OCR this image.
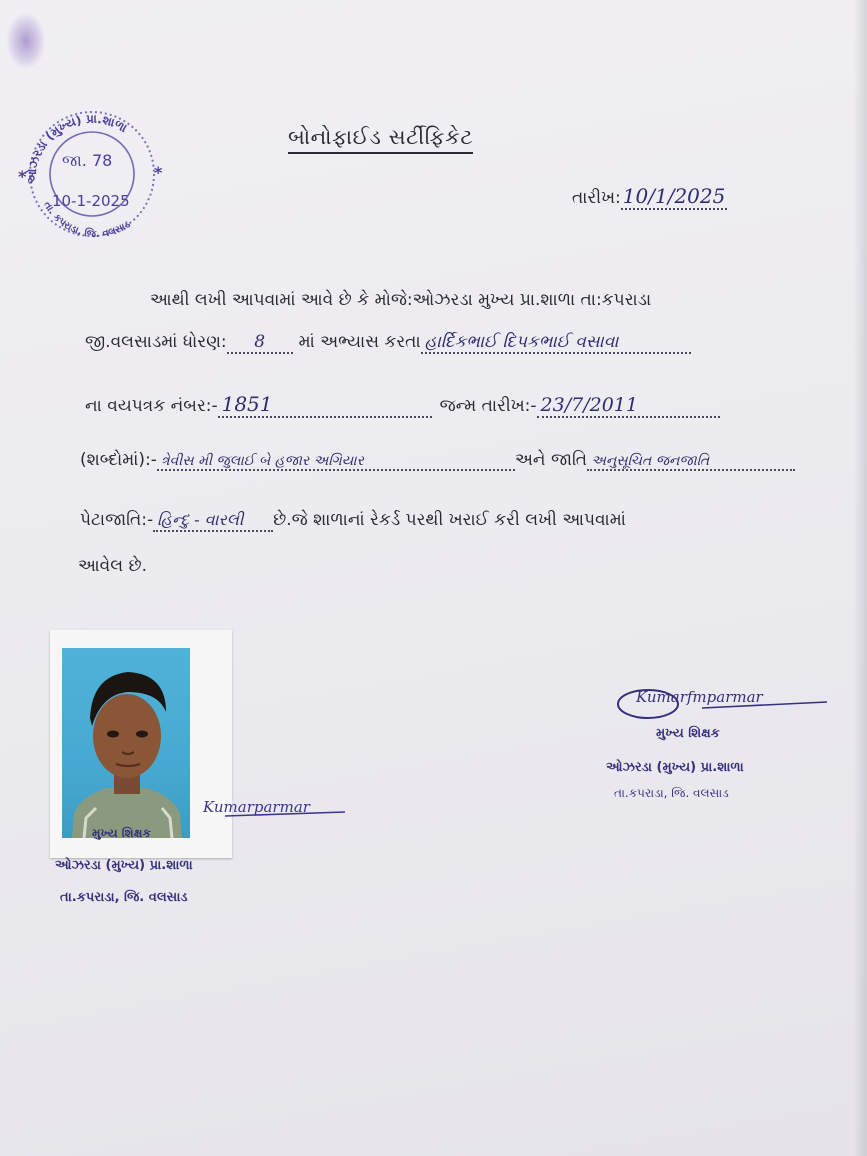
ઓઝરડા (મુખ્ય) પ્રા.શાળા
તા. કપરાડા, જિ. વલસાડ
*	*
જા. 78
10-1-2025
બોનોફાઈડ સર્ટીફિકેટ
તારીખ: 10/1/2025
આથી લખી આપવામાં આવે છે કે મોજે:ઓઝરડા મુખ્ય પ્રા.શાળા તા:કપરાડા
જી.વલસાડમાં ધોરણ: 8 માં અભ્યાસ કરતા હાર્દિકભાઈ દિપકભાઈ વસાવા
ના વયપત્રક નંબર:- 1851	જન્મ તારીખ:- 23/7/2011
(શબ્દોમાં):- ત્રેવીસ મી જુલાઈ બે હજાર અગિયાર	અને જાતિ અનુસૂચિત જનજાતિ
પેટાજાતિ:- હિન્દુ - વારલી છે.જે શાળાનાં રેકર્ડ પરથી ખરાઈ કરી લખી આપવામાં
આવેલ છે.
Kumarparmar
મુખ્ય શિક્ષક
ઓઝરડા (મુખ્ય) પ્રા.શાળા
તા.કપરાડા, જિ. વલસાડ
Kumarfmparmar
મુખ્ય શિક્ષક
ઓઝરડા (મુખ્ય) પ્રા.શાળા
તા.કપરાડા, જિ. વલસાડ
